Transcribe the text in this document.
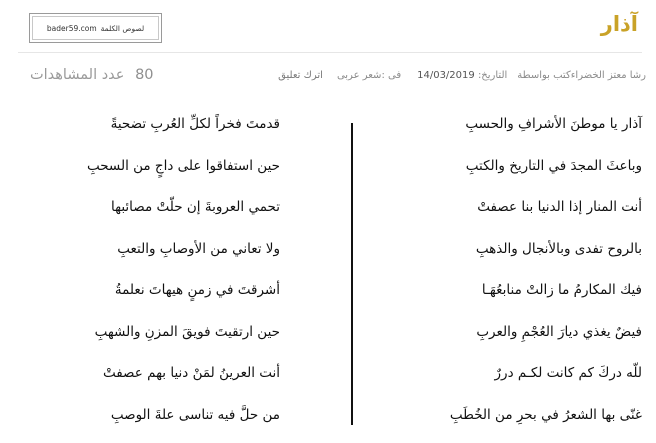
آذار
bader59.com لصوص الكلمة
رشا معتز الخضراءكتب بواسطة
التاريخ: 14/03/2019
فى :شعر عربى
اترك تعليق
80 عدد المشاهدات
آذار يا موطنَ الأشرافِ والحسبِ
وباعثَ المجدَ في التاريخ والكتبِ
أنت المنار إذا الدنيا بنا عصفتْ
بالروح تفدى وبالأنجال والذهبِ
فيك المكارمُ ما زالتْ منابعُهَـا
فيضٌ يغذي ديارَ العُجْمِ والعربِ
للّه دركَ كم كانت لكـم دررٌ
غنّى بها الشعرُ في بحرِ من الخُطَبِ
قدمتَ فخراً لكلِّ العُربِ تضحيةً
حين استفاقوا على داجٍ من السحبِ
تحمي العروبةَ إن حلّتْ مصائبها
ولا تعاني من الأوصابِ والتعبِ
أشرقتَ في زمنٍ هيهاتَ نعلمةُ
حين ارتقيتَ فويقَ المزنِ والشهبِ
أنت العرينُ لمَنْ دنيا بهم عصفتْ
من حلَّ فيه تناسى علةَ الوصبِ
